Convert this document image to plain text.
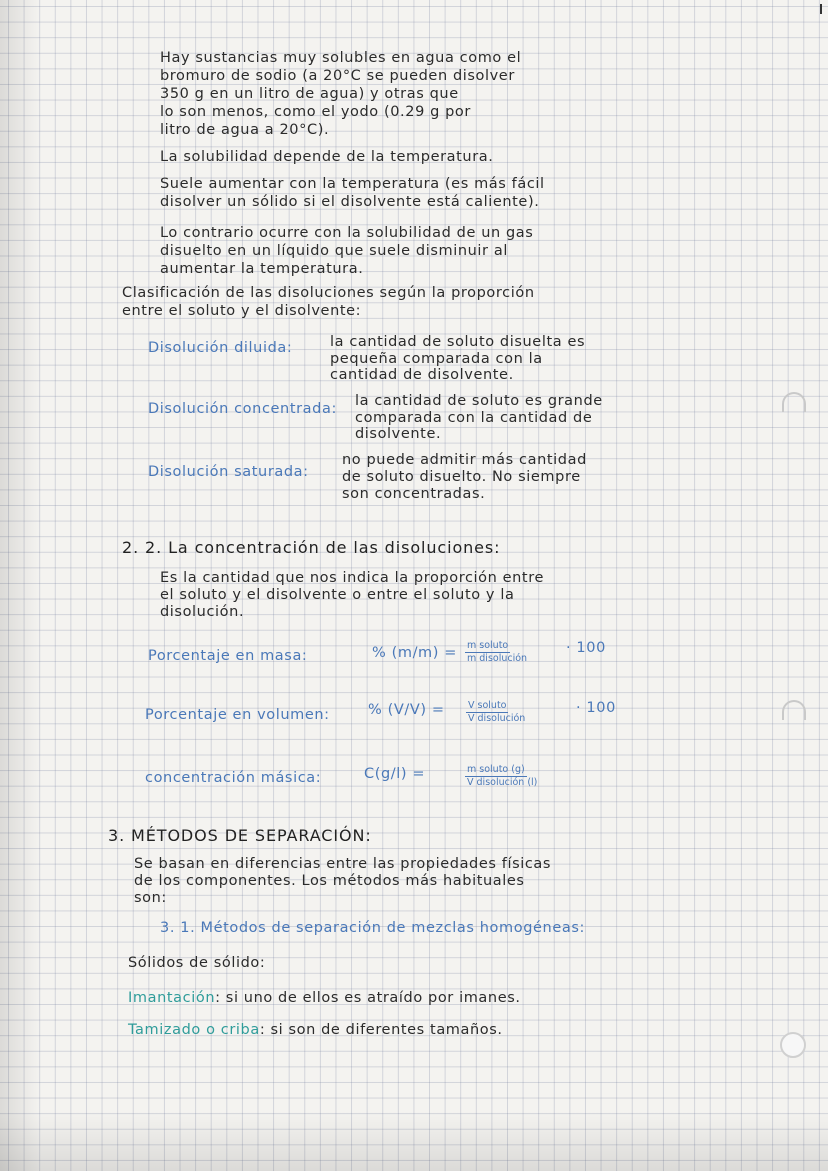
Hay sustancias muy solubles en agua como el

bromuro de sodio (a 20°C se pueden disolver

350 g en un litro de agua) y otras que

lo son menos, como el yodo (0.29 g por

litro de agua a 20°C).

La solubilidad depende de la temperatura.

Suele aumentar con la temperatura (es más fácil

disolver un sólido si el disolvente está caliente).

Lo contrario ocurre con la solubilidad de un gas

disuelto en un líquido que suele disminuir al

aumentar la temperatura.

Clasificación de las disoluciones según la proporción

entre el soluto y el disolvente:

Disolución diluida:	la cantidad de soluto disuelta es

pequeña comparada con la

cantidad de disolvente.

Disolución concentrada: la cantidad de soluto es grande

comparada con la cantidad de

disolvente.

Disolución saturada:

no puede admitir más cantidad

de soluto disuelto. No siempre

son concentradas.

2. 2. La concentración de las disoluciones:

Es la cantidad que nos indica la proporción entre

el soluto y el disolvente o entre el soluto y la

disolución.

Porcentaje en masa:	% (m/m) = m soluto
m disolución

· 100

Porcentaje en volumen:	% (V/V) = V soluto
V disolución

· 100

concentración másica:	C(g/l) =	m soluto (g)
V disolución (l)

3. MÉTODOS DE SEPARACIÓN:

Se basan en diferencias entre las propiedades físicas

de los componentes. Los métodos más habituales

son:

3. 1. Métodos de separación de mezclas homogéneas:

Sólidos de sólido:

Imantación: si uno de ellos es atraído por imanes.

Tamizado o criba: si son de diferentes tamaños.
